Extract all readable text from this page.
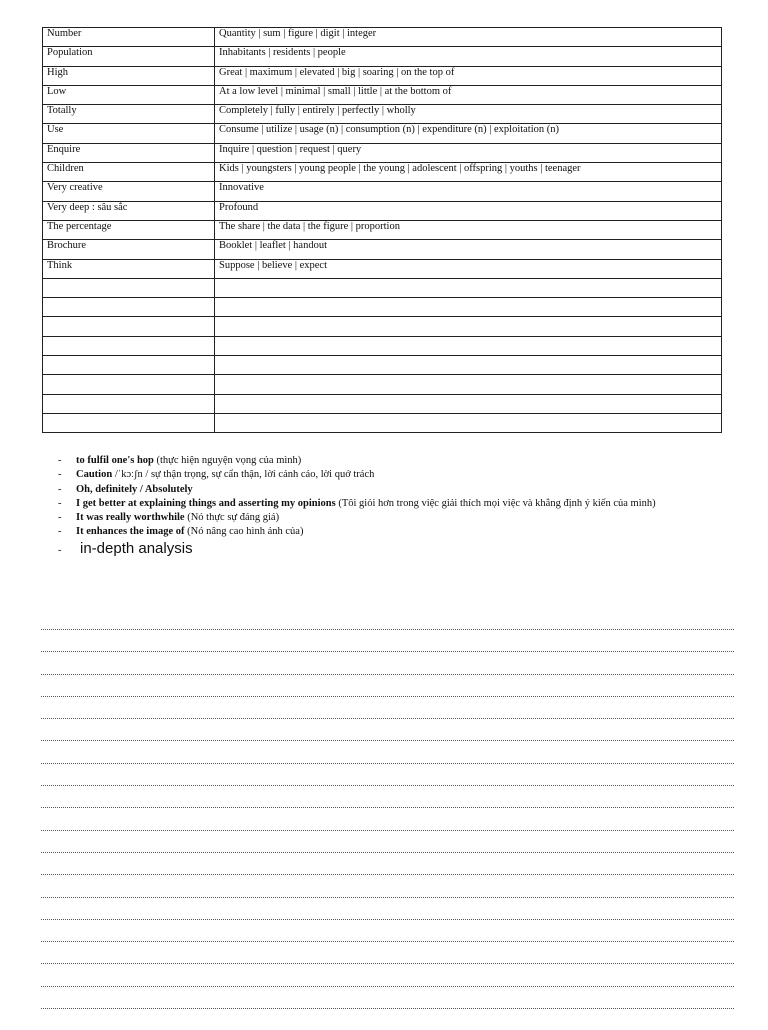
Number	Quantity | sum | figure | digit | integer
Population	Inhabitants | residents | people
High	Great | maximum | elevated | big | soaring | on the top of
Low	At a low level | minimal | small | little | at the bottom of
Totally	Completely | fully | entirely | perfectly | wholly
Use	Consume | utilize | usage (n) | consumption (n) | expenditure (n) | exploitation (n)
Enquire	Inquire | question | request | query
Children	Kids | youngsters | young people | the young | adolescent | offspring | youths | teenager
Very creative	Innovative
Very deep : sâu sắc	Profound
The percentage	The share | the data | the figure | proportion
Brochure	Booklet | leaflet | handout
Think	Suppose | believe | expect

- to fulfil one's hop (thực hiện nguyện vọng của mình)
- Caution /ˈkɔːʃn / sự thận trọng, sự cẩn thận, lời cảnh cáo, lời quở trách
- Oh, definitely / Absolutely
- I get better at explaining things and asserting my opinions (Tôi giỏi hơn trong việc giải thích mọi việc và khẳng định ý kiến của mình)
- It was really worthwhile (Nó thực sự đáng giá)
- It enhances the image of (Nó nâng cao hình ảnh của)
- in-depth analysis
